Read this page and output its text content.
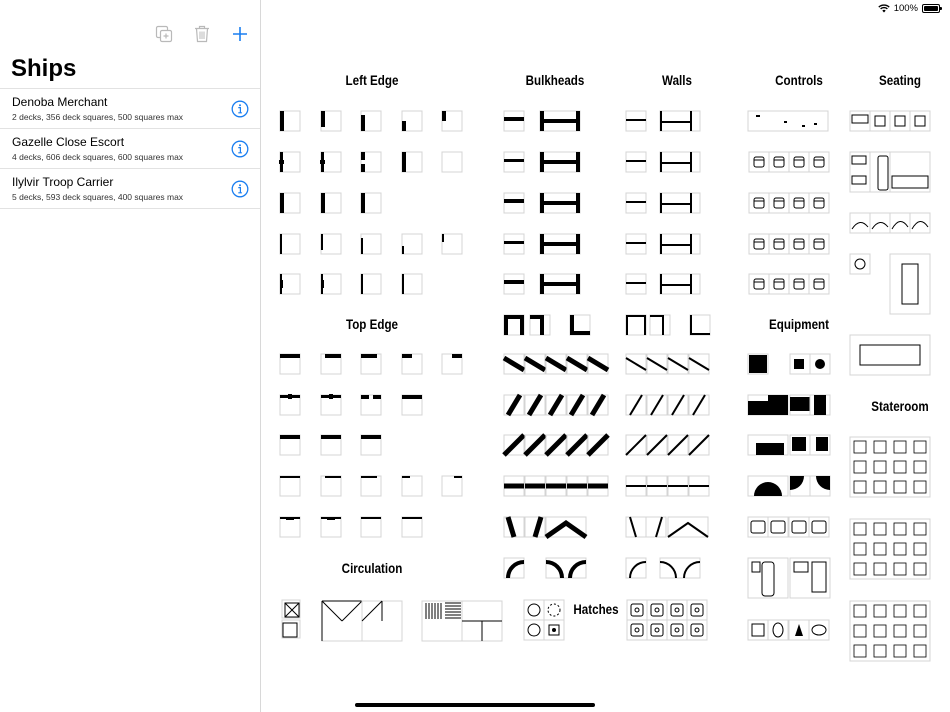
100%
Ships
Denoba Merchant
2 decks, 356 deck squares, 500 squares max
Gazelle Close Escort
4 decks, 606 deck squares, 600 squares max
Ilylvir Troop Carrier
5 decks, 593 deck squares, 400 squares max
Left Edge
Top Edge
Circulation
Bulkheads
Hatches
Walls	Controls
Equipment
Seating
Stateroom
